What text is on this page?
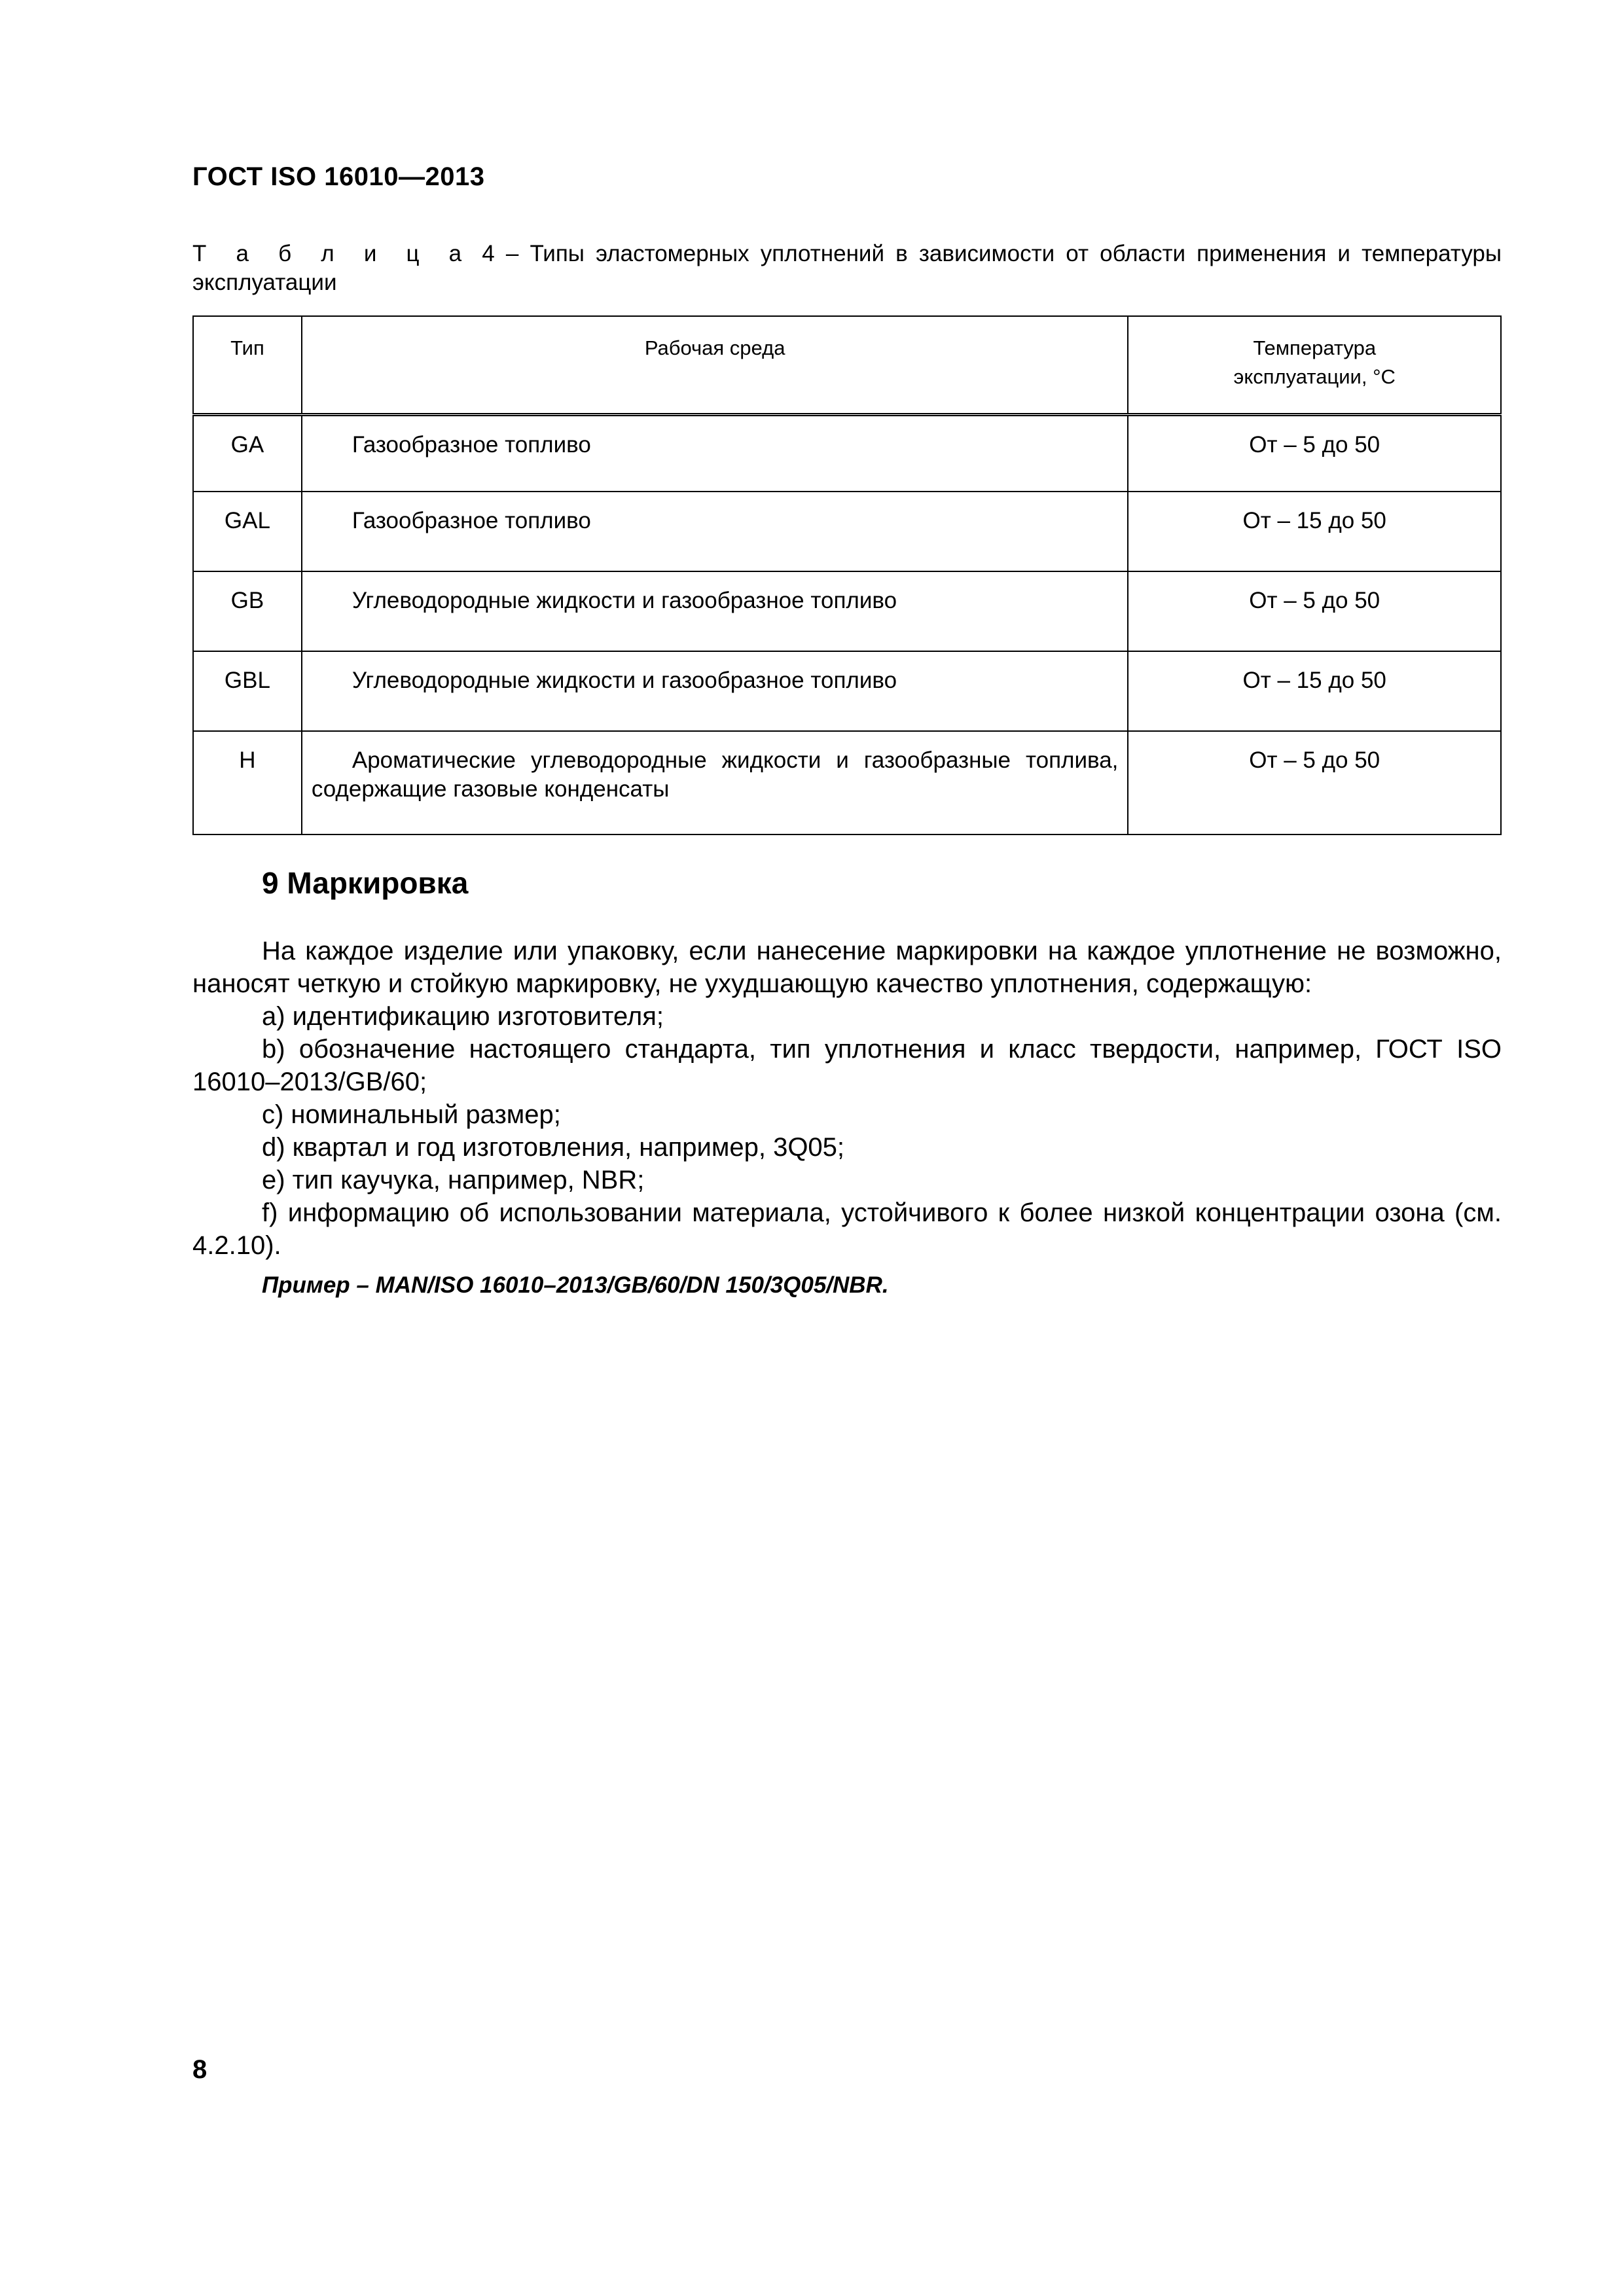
ГОСТ ISO 16010—2013
Т а б л и ц а 4 – Типы эластомерных уплотнений в зависимости от области применения и температуры эксплуатации
Тип	Рабочая среда	Температура эксплуатации, °С
GA	Газообразное топливо	От – 5 до 50
GAL	Газообразное топливо	От – 15 до 50
GB	Углеводородные жидкости и газообразное топливо	От – 5 до 50
GBL	Углеводородные жидкости и газообразное топливо	От – 15 до 50
H	Ароматические углеводородные жидкости и газообразные топлива, содержащие газовые конденсаты	От – 5 до 50
9 Маркировка

На каждое изделие или упаковку, если нанесение маркировки на каждое уплотнение не возможно, наносят четкую и стойкую маркировку, не ухудшающую качество уплотнения, содержащую:

a) идентификацию изготовителя;

b) обозначение настоящего стандарта, тип уплотнения и класс твердости, например, ГОСТ ISO 16010–2013/GB/60;

c) номинальный размер;

d) квартал и год изготовления, например, 3Q05;

e) тип каучука, например, NBR;

f) информацию об использовании материала, устойчивого к более низкой концентрации озона (см. 4.2.10).

Пример – MAN/ISO 16010–2013/GB/60/DN 150/3Q05/NBR.
8
